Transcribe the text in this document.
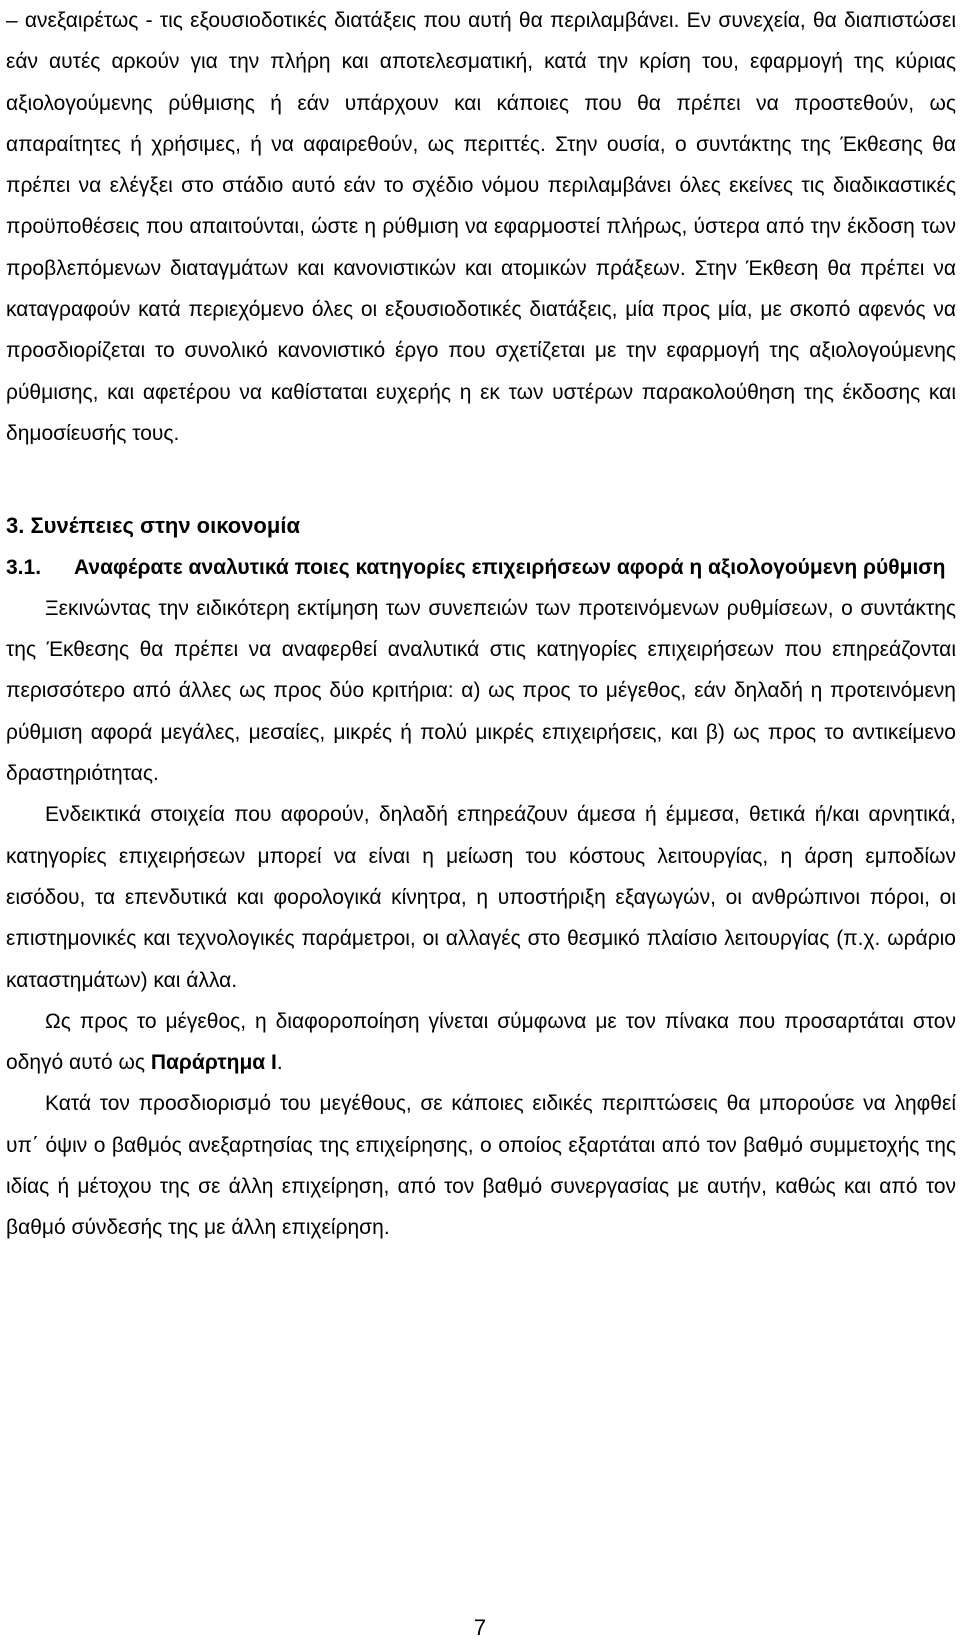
– ανεξαιρέτως - τις εξουσιοδοτικές διατάξεις που αυτή θα περιλαμβάνει. Εν συνεχεία, θα διαπιστώσει εάν αυτές αρκούν για την πλήρη και αποτελεσματική, κατά την κρίση του, εφαρμογή της κύριας αξιολογούμενης ρύθμισης ή εάν υπάρχουν και κάποιες που θα πρέπει να προστεθούν, ως απαραίτητες ή χρήσιμες, ή να αφαιρεθούν, ως περιττές. Στην ουσία, ο συντάκτης της Έκθεσης θα πρέπει να ελέγξει στο στάδιο αυτό εάν το σχέδιο νόμου περιλαμβάνει όλες εκείνες τις διαδικαστικές προϋποθέσεις που απαιτούνται, ώστε η ρύθμιση να εφαρμοστεί πλήρως, ύστερα από την έκδοση των προβλεπόμενων διαταγμάτων και κανονιστικών και ατομικών πράξεων. Στην Έκθεση θα πρέπει να καταγραφούν κατά περιεχόμενο όλες οι εξουσιοδοτικές διατάξεις, μία προς μία, με σκοπό αφενός να προσδιορίζεται το συνολικό κανονιστικό έργο που σχετίζεται με την εφαρμογή της αξιολογούμενης ρύθμισης, και αφετέρου να καθίσταται ευχερής η εκ των υστέρων παρακολούθηση της έκδοσης και δημοσίευσής τους.

3. Συνέπειες στην οικονομία

3.1. Αναφέρατε αναλυτικά ποιες κατηγορίες επιχειρήσεων αφορά η αξιολογούμενη ρύθμιση

Ξεκινώντας την ειδικότερη εκτίμηση των συνεπειών των προτεινόμενων ρυθμίσεων, ο συντάκτης της Έκθεσης θα πρέπει να αναφερθεί αναλυτικά στις κατηγορίες επιχειρήσεων που επηρεάζονται περισσότερο από άλλες ως προς δύο κριτήρια: α) ως προς το μέγεθος, εάν δηλαδή η προτεινόμενη ρύθμιση αφορά μεγάλες, μεσαίες, μικρές ή πολύ μικρές επιχειρήσεις, και β) ως προς το αντικείμενο δραστηριότητας.

Ενδεικτικά στοιχεία που αφορούν, δηλαδή επηρεάζουν άμεσα ή έμμεσα, θετικά ή/και αρνητικά, κατηγορίες επιχειρήσεων μπορεί να είναι η μείωση του κόστους λειτουργίας, η άρση εμποδίων εισόδου, τα επενδυτικά και φορολογικά κίνητρα, η υποστήριξη εξαγωγών, οι ανθρώπινοι πόροι, οι επιστημονικές και τεχνολογικές παράμετροι, οι αλλαγές στο θεσμικό πλαίσιο λειτουργίας (π.χ. ωράριο καταστημάτων) και άλλα.

Ως προς το μέγεθος, η διαφοροποίηση γίνεται σύμφωνα με τον πίνακα που προσαρτάται στον οδηγό αυτό ως Παράρτημα Ι.

Κατά τον προσδιορισμό του μεγέθους, σε κάποιες ειδικές περιπτώσεις θα μπορούσε να ληφθεί υπ΄ όψιν ο βαθμός ανεξαρτησίας της επιχείρησης, ο οποίος εξαρτάται από τον βαθμό συμμετοχής της ιδίας ή μέτοχου της σε άλλη επιχείρηση, από τον βαθμό συνεργασίας με αυτήν, καθώς και από τον βαθμό σύνδεσής της με άλλη επιχείρηση.

7
